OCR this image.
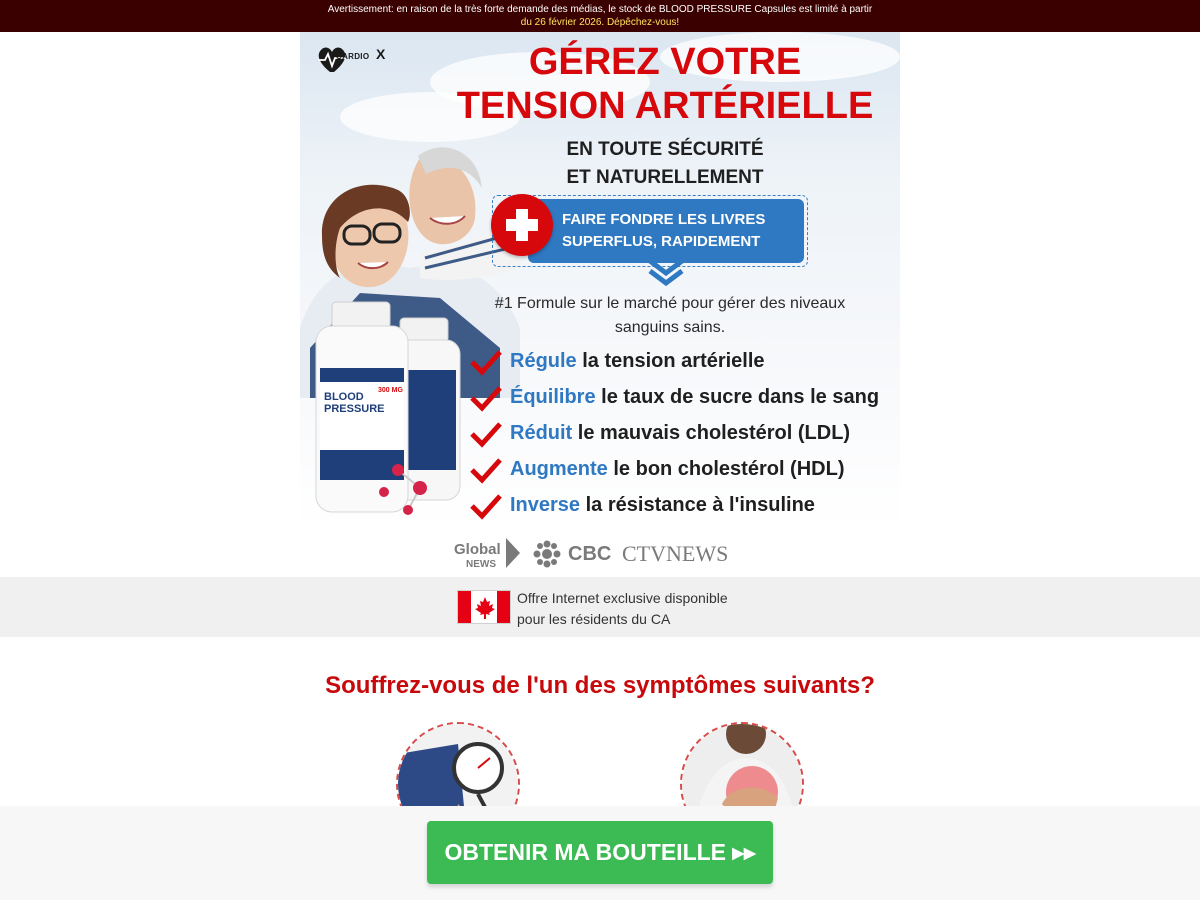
Avertissement: en raison de la très forte demande des médias, le stock de BLOOD PRESSURE Capsules est limité à partir
du 26 février 2026. Dépêchez-vous!
CARDIO X	GÉREZ VOTRE
TENSION ARTÉRIELLE
EN TOUTE SÉCURITÉ
ET NATURELLEMENT
FAIRE FONDRE LES LIVRES
SUPERFLUS, RAPIDEMENT
#1 Formule sur le marché pour gérer des niveaux
sanguins sains.
BLOOD
PRESSURE
300 MG
Régule la tension artérielle
Équilibre le taux de sucre dans le sang
Réduit le mauvais cholestérol (LDL)
Augmente le bon cholestérol (HDL)
Inverse la résistance à l'insuline
Global
NEWS	CBC CTVNEWS
Offre Internet exclusive disponible
pour les résidents du CA
Souffrez-vous de l'un des symptômes suivants?
OBTENIR MA BOUTEILLE ▸▸
